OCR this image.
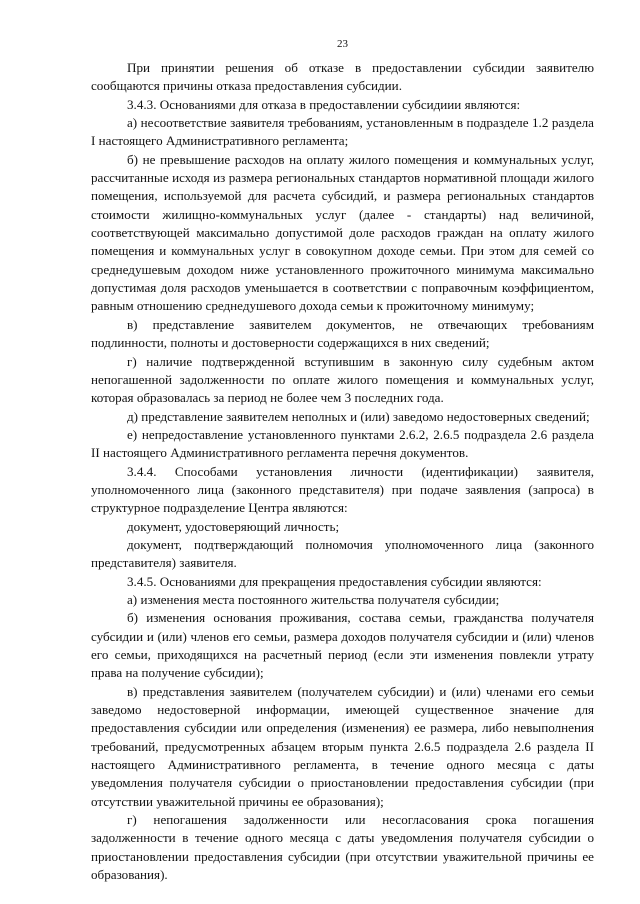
23

При принятии решения об отказе в предоставлении субсидии заявителю сообщаются причины отказа предоставления субсидии.

3.4.3. Основаниями для отказа в предоставлении субсидиии являются:

а) несоответствие заявителя требованиям, установленным в подразделе 1.2 раздела I настоящего Административного регламента;

б) не превышение расходов на оплату жилого помещения и коммунальных услуг, рассчитанные исходя из размера региональных стандартов нормативной площади жилого помещения, используемой для расчета субсидий, и размера региональных стандартов стоимости жилищно-коммунальных услуг (далее - стандарты) над величиной, соответствующей максимально допустимой доле расходов граждан на оплату жилого помещения и коммунальных услуг в совокупном доходе семьи. При этом для семей со среднедушевым доходом ниже установленного прожиточного минимума максимально допустимая доля расходов уменьшается в соответствии с поправочным коэффициентом, равным отношению среднедушевого дохода семьи к прожиточному минимуму;

в) представление заявителем документов, не отвечающих требованиям подлинности, полноты и достоверности содержащихся в них сведений;

г) наличие подтвержденной вступившим в законную силу судебным актом непогашенной задолженности по оплате жилого помещения и коммунальных услуг, которая образовалась за период не более чем 3 последних года.

д) представление заявителем неполных и (или) заведомо недостоверных сведений;

е) непредоставление установленного пунктами 2.6.2, 2.6.5 подраздела 2.6 раздела II настоящего Административного регламента перечня документов.

3.4.4. Способами установления личности (идентификации) заявителя, уполномоченного лица (законного представителя) при подаче заявления (запроса) в структурное подразделение Центра являются:

документ, удостоверяющий личность;

документ, подтверждающий полномочия уполномоченного лица (законного представителя) заявителя.

3.4.5. Основаниями для прекращения предоставления субсидии являются:

а) изменения места постоянного жительства получателя субсидии;

б) изменения основания проживания, состава семьи, гражданства получателя субсидии и (или) членов его семьи, размера доходов получателя субсидии и (или) членов его семьи, приходящихся на расчетный период (если эти изменения повлекли утрату права на получение субсидии);

в) представления заявителем (получателем субсидии) и (или) членами его семьи заведомо недостоверной информации, имеющей существенное значение для предоставления субсидии или определения (изменения) ее размера, либо невыполнения требований, предусмотренных абзацем вторым пункта 2.6.5 подраздела 2.6 раздела II настоящего Административного регламента, в течение одного месяца с даты уведомления получателя субсидии о приостановлении предоставления субсидии (при отсутствии уважительной причины ее образования);

г) непогашения задолженности или несогласования срока погашения задолженности в течение одного месяца с даты уведомления получателя субсидии о приостановлении предоставления субсидии (при отсутствии уважительной причины ее образования).
